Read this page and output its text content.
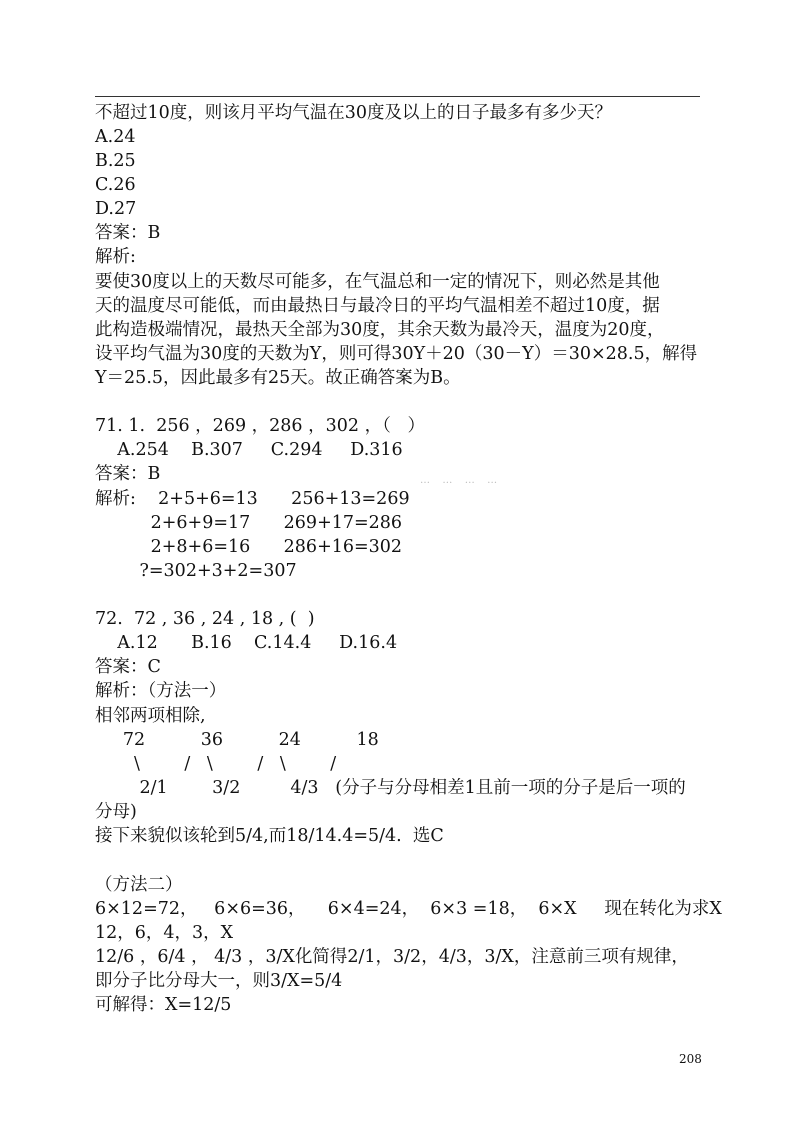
不超过10度，则该月平均气温在30度及以上的日子最多有多少天？
A.24
B.25
C.26
D.27
答案：B
解析:
要使30度以上的天数尽可能多，在气温总和一定的情况下，则必然是其他
天的温度尽可能低，而由最热日与最冷日的平均气温相差不超过10度，据
此构造极端情况，最热天全部为30度，其余天数为最冷天，温度为20度，
设平均气温为30度的天数为Y，则可得30Y＋20（30－Y）＝30×28.5，解得
Y＝25.5，因此最多有25天。故正确答案为B。
71. 1.  256 ，269 ，286 ，302 ，（   ）
A.254    B.307     C.294     D.316
答案：B	…  …  …  …
解析:    2+5+6=13      256+13=269
2+6+9=17      269+17=286
2+8+6=16      286+16=302
?=302+3+2=307
72.  72 , 36 , 24 , 18 , (  )
A.12      B.16    C.14.4     D.16.4
答案：C
解析：（方法一）
相邻两项相除,
72          36          24          18
\        /   \        /   \        /
2/1        3/2         4/3   (分子与分母相差1且前一项的分子是后一项的
分母)
接下来貌似该轮到5/4,而18/14.4=5/4.  选C
（方法二）
6×12=72，   6×6=36，    6×4=24，  6×3 =18，  6×X     现在转化为求X
12，6，4，3，X
12/6 ，6/4 ， 4/3 ，3/X化简得2/1，3/2，4/3，3/X，注意前三项有规律，
即分子比分母大一，则3/X=5/4
可解得：X=12/5
208
